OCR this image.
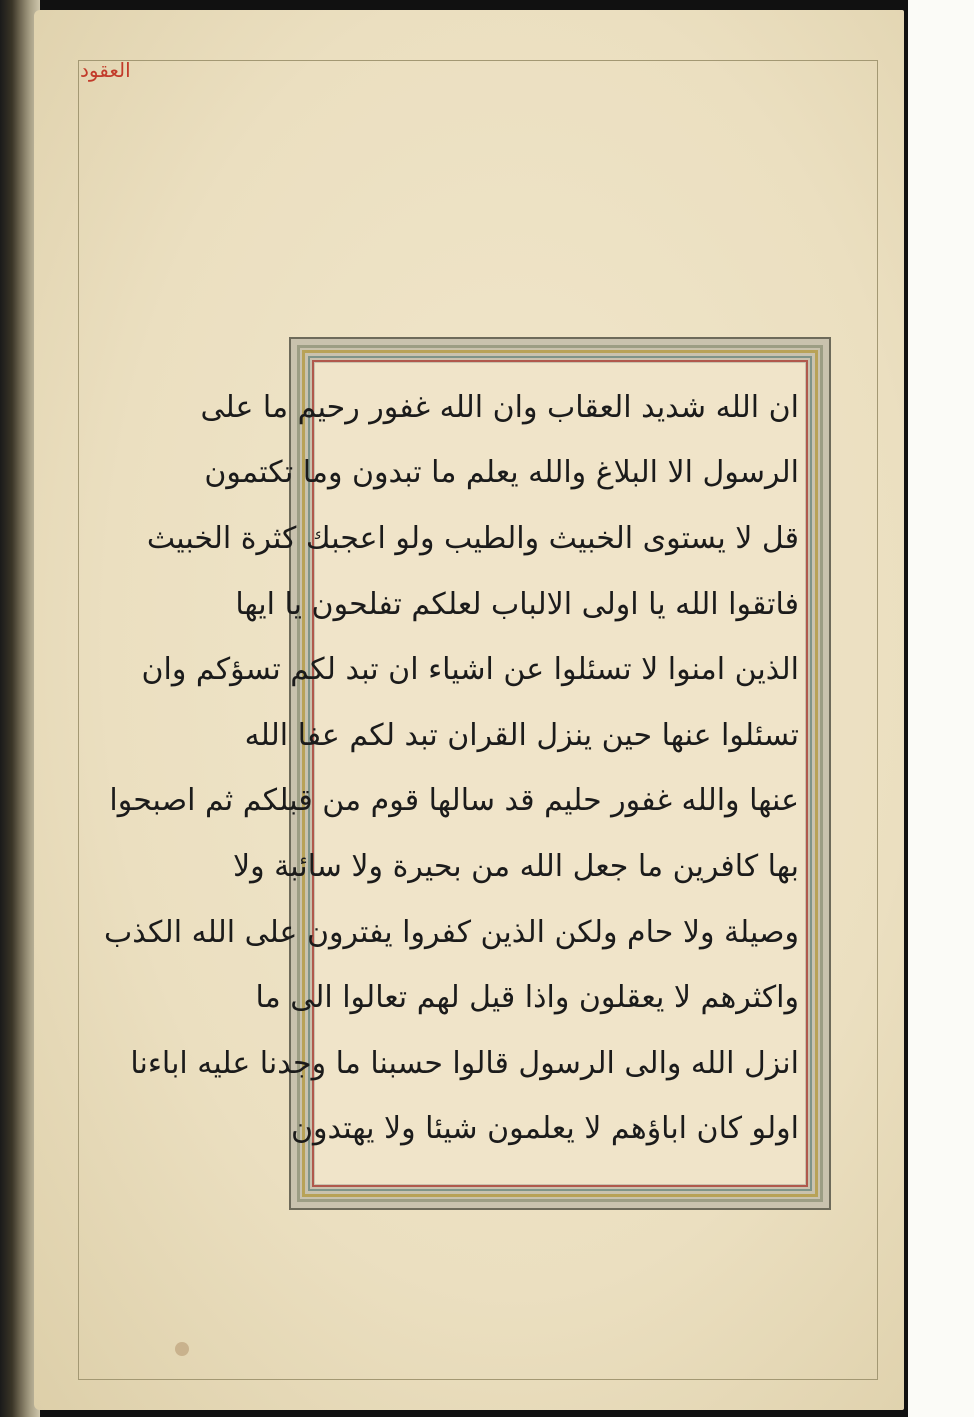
العقود
ان الله شديد العقاب وان الله غفور رحيم ما على
الرسول الا البلاغ والله يعلم ما تبدون وما تكتمون
قل لا يستوى الخبيث والطيب ولو اعجبك كثرة الخبيث
فاتقوا الله يا اولى الالباب لعلكم تفلحون يا ايها
الذين امنوا لا تسئلوا عن اشياء ان تبد لكم تسؤكم وان
تسئلوا عنها حين ينزل القران تبد لكم عفا الله
عنها والله غفور حليم قد سالها قوم من قبلكم ثم اصبحوا
بها كافرين ما جعل الله من بحيرة ولا سائبة ولا
وصيلة ولا حام ولكن الذين كفروا يفترون على الله الكذب
واكثرهم لا يعقلون واذا قيل لهم تعالوا الى ما
انزل الله والى الرسول قالوا حسبنا ما وجدنا عليه اباءنا
اولو كان اباؤهم لا يعلمون شيئا ولا يهتدون
